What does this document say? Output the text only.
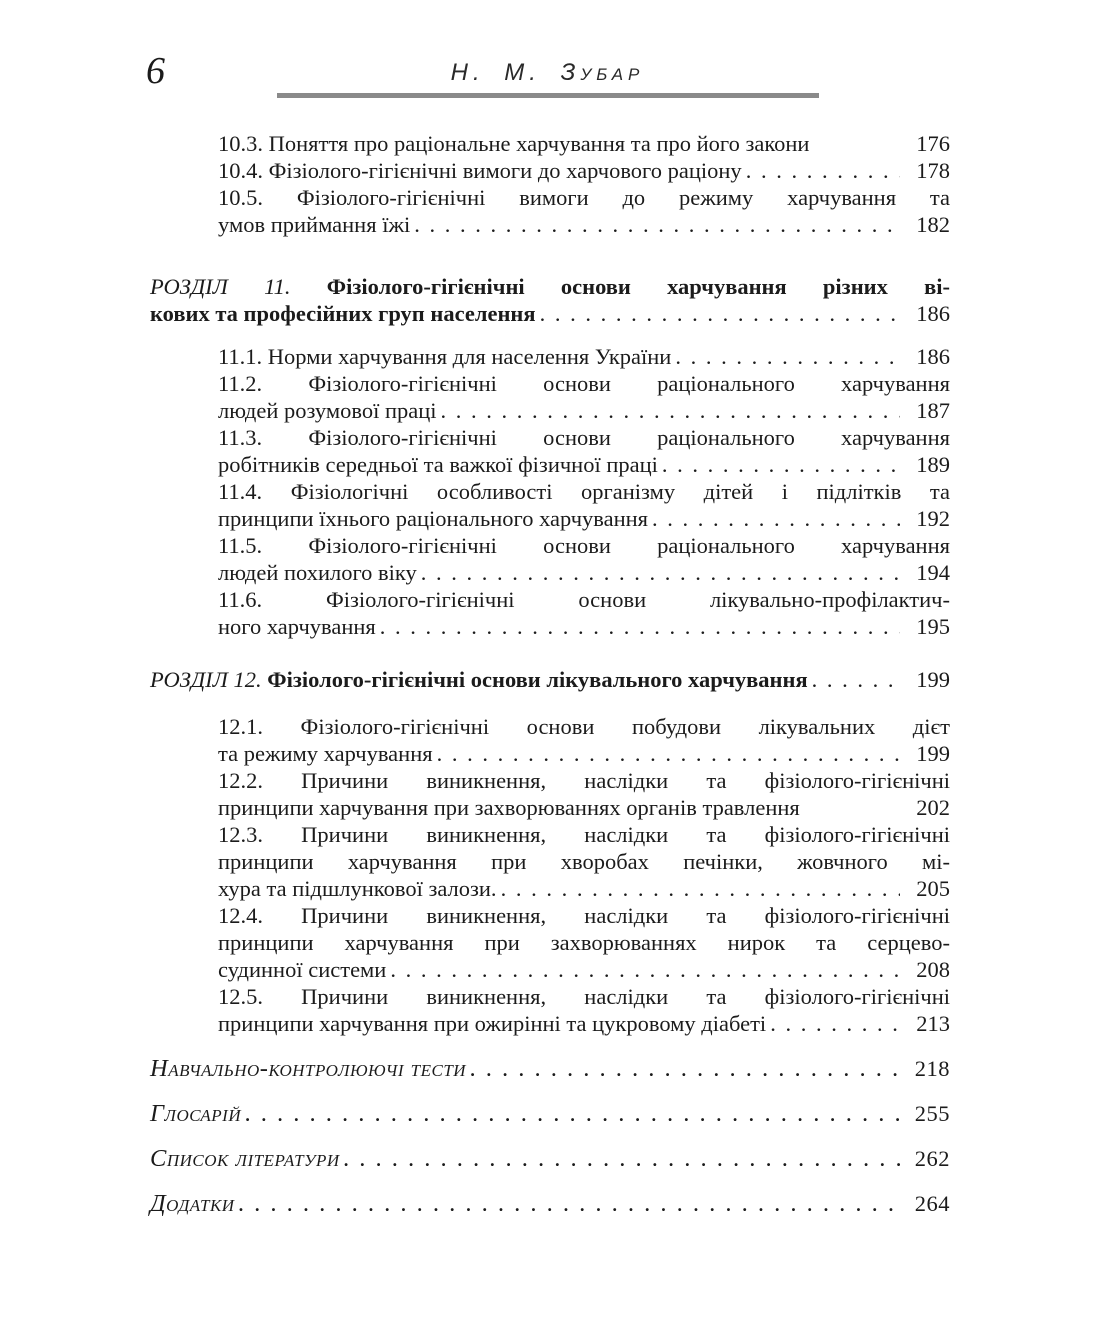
6	Н. М. Зубар
10.3. Поняття про раціональне харчування та про його закони	176
10.4. Фізіолого-гігієнічні вимоги до харчового раціону . . .	178
10.5. Фізіолого-гігієнічні вимоги до режиму харчування та
умов приймання їжі . . .	182
РОЗДІЛ 11. Фізіолого-гігієнічні основи харчування різних ві-
кових та професійних груп населення . . .	186
11.1. Норми харчування для населення України . . .	186
11.2. Фізіолого-гігієнічні основи раціонального харчування
людей розумової праці . . .	187
11.3. Фізіолого-гігієнічні основи раціонального харчування
робітників середньої та важкої фізичної праці . . .	189
11.4. Фізіологічні особливості організму дітей і підлітків та
принципи їхнього раціонального харчування . . .	192
11.5. Фізіолого-гігієнічні основи раціонального харчування
людей похилого віку . . .	194
11.6. Фізіолого-гігієнічні основи лікувально-профілактич-
ного харчування . . .	195
РОЗДІЛ 12. Фізіолого-гігієнічні основи лікувального харчування . . .	199
12.1. Фізіолого-гігієнічні основи побудови лікувальних дієт
та режиму харчування . . .	199
12.2. Причини виникнення, наслідки та фізіолого-гігієнічні
принципи харчування при захворюваннях органів травлення	202
12.3. Причини виникнення, наслідки та фізіолого-гігієнічні
принципи харчування при хворобах печінки, жовчного мі-
хура та підшлункової залози. . . .	205
12.4. Причини виникнення, наслідки та фізіолого-гігієнічні
принципи харчування при захворюваннях нирок та серцево-
судинної системи . . .	208
12.5. Причини виникнення, наслідки та фізіолого-гігієнічні
принципи харчування при ожирінні та цукровому діабеті . . .	213
Навчально-контролюючі тести . . .	218
Глосарій . . .	255
Список літератури . . .	262
Додатки . . .	264
